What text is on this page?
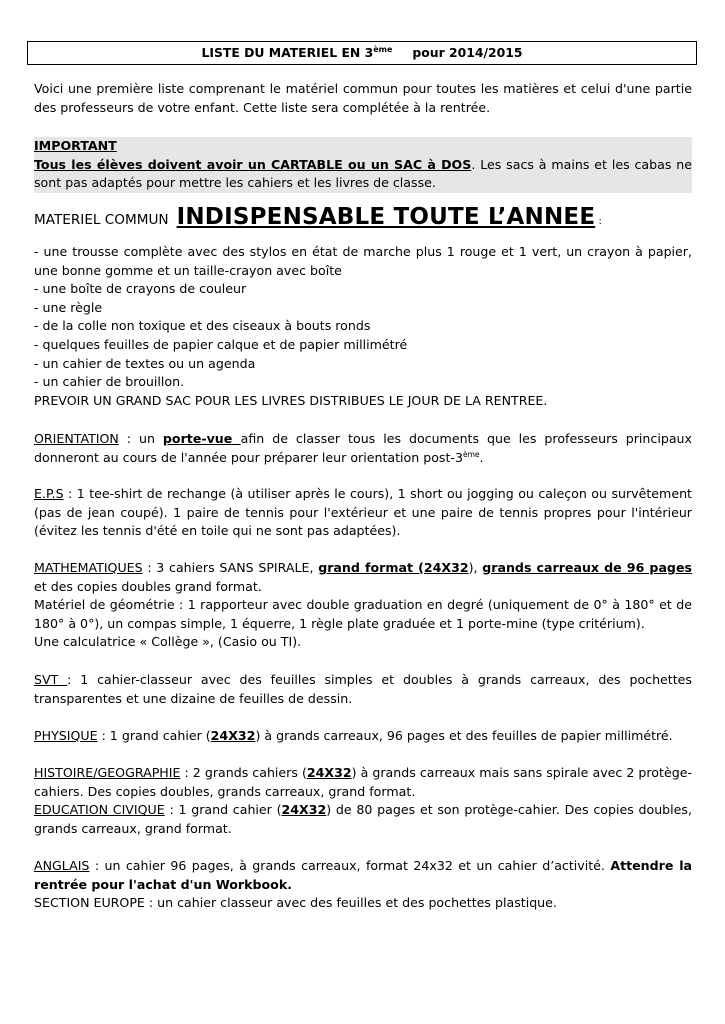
LISTE DU MATERIEL EN 3ème pour 2014/2015

Voici une première liste comprenant le matériel commun pour toutes les matières et celui d'une partie des professeurs de votre enfant. Cette liste sera complétée à la rentrée.

IMPORTANT

Tous les élèves doivent avoir un CARTABLE ou un SAC à DOS. Les sacs à mains et les cabas ne sont pas adaptés pour mettre les cahiers et les livres de classe.

MATERIEL COMMUN INDISPENSABLE TOUTE L’ANNEE :

- une trousse complète avec des stylos en état de marche plus 1 rouge et 1 vert, un crayon à papier, une bonne gomme et un taille-crayon avec boîte

- une boîte de crayons de couleur

- une règle

- de la colle non toxique et des ciseaux à bouts ronds

- quelques feuilles de papier calque et de papier millimétré

- un cahier de textes ou un agenda

- un cahier de brouillon.

PREVOIR UN GRAND SAC POUR LES LIVRES DISTRIBUES LE JOUR DE LA RENTREE.

ORIENTATION : un porte-vue afin de classer tous les documents que les professeurs principaux donneront au cours de l'année pour préparer leur orientation post-3ème.

E.P.S : 1 tee-shirt de rechange (à utiliser après le cours), 1 short ou jogging ou caleçon ou survêtement (pas de jean coupé). 1 paire de tennis pour l'extérieur et une paire de tennis propres pour l'intérieur (évitez les tennis d'été en toile qui ne sont pas adaptées).

MATHEMATIQUES : 3 cahiers SANS SPIRALE, grand format (24X32), grands carreaux de 96 pages et des copies doubles grand format.

Matériel de géométrie : 1 rapporteur avec double graduation en degré (uniquement de 0° à 180° et de 180° à 0°), un compas simple, 1 équerre, 1 règle plate graduée et 1 porte-mine (type critérium).

Une calculatrice « Collège », (Casio ou TI).

SVT : 1 cahier-classeur avec des feuilles simples et doubles à grands carreaux, des pochettes transparentes et une dizaine de feuilles de dessin.

PHYSIQUE : 1 grand cahier (24X32) à grands carreaux, 96 pages et des feuilles de papier millimétré.

HISTOIRE/GEOGRAPHIE : 2 grands cahiers (24X32) à grands carreaux mais sans spirale avec 2 protège-cahiers. Des copies doubles, grands carreaux, grand format.

EDUCATION CIVIQUE : 1 grand cahier (24X32) de 80 pages et son protège-cahier. Des copies doubles, grands carreaux, grand format.

ANGLAIS : un cahier 96 pages, à grands carreaux, format 24x32 et un cahier d’activité. Attendre la rentrée pour l'achat d'un Workbook.

SECTION EUROPE : un cahier classeur avec des feuilles et des pochettes plastique.
